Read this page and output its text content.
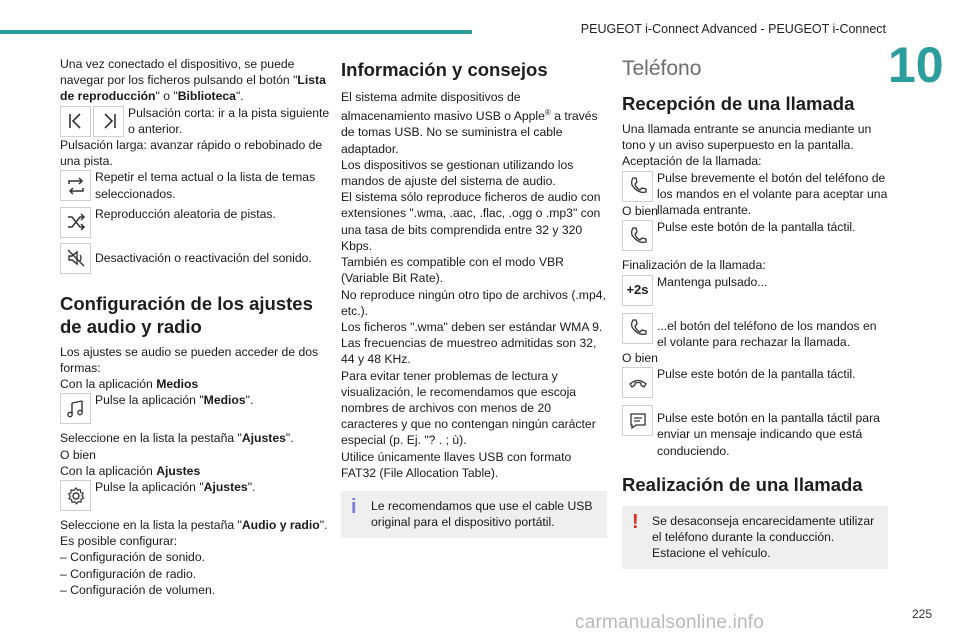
PEUGEOT i-Connect Advanced - PEUGEOT i-Connect
10

Una vez conectado el dispositivo, se puede navegar por los ficheros pulsando el botón "Lista de reproducción" o "Biblioteca".

Pulsación corta: ir a la pista siguiente o anterior.

Pulsación larga: avanzar rápido o rebobinado de una pista.

Repetir el tema actual o la lista de temas seleccionados.
Reproducción aleatoria de pistas.
Desactivación o reactivación del sonido.
Configuración de los ajustes de audio y radio

Los ajustes se audio se pueden acceder de dos formas:

Con la aplicación Medios

Pulse la aplicación "Medios".

Seleccione en la lista la pestaña "Ajustes".

O bien

Con la aplicación Ajustes

Pulse la aplicación "Ajustes".

Seleccione en la lista la pestaña "Audio y radio".

Es posible configurar:

– Configuración de sonido.

– Configuración de radio.

– Configuración de volumen.

Información y consejos

El sistema admite dispositivos de almacenamiento masivo USB o Apple® a través de tomas USB. No se suministra el cable adaptador.

Los dispositivos se gestionan utilizando los

mandos de ajuste del sistema de audio.

El sistema sólo reproduce ficheros de audio con extensiones ".wma, .aac, .flac, .ogg o .mp3" con una tasa de bits comprendida entre 32 y 320 Kbps.

También es compatible con el modo VBR (Variable Bit Rate).

No reproduce ningún otro tipo de archivos (.mp4, etc.).

Los ficheros ".wma" deben ser estándar WMA 9.

Las frecuencias de muestreo admitidas son 32, 44 y 48 KHz.

Para evitar tener problemas de lectura y visualización, le recomendamos que escoja nombres de archivos con menos de 20 caracteres y que no contengan ningún carácter especial (p. Ej. "? . ; ù).

Utilice únicamente llaves USB con formato FAT32 (File Allocation Table).

i	Le recomendamos que use el cable USB original para el dispositivo portátil.
Teléfono
Recepción de una llamada

Una llamada entrante se anuncia mediante un tono y un aviso superpuesto en la pantalla.

Aceptación de la llamada:

Pulse brevemente el botón del teléfono de los mandos en el volante para aceptar una llamada entrante.

O bien

Pulse este botón de la pantalla táctil.

Finalización de la llamada:

+2s
Mantenga pulsado...
...el botón del teléfono de los mandos en el volante para rechazar la llamada.

O bien

Pulse este botón de la pantalla táctil.
Pulse este botón en la pantalla táctil para enviar un mensaje indicando que está conduciendo.
Realización de una llamada
!	Se desaconseja encarecidamente utilizar el teléfono durante la conducción.
Estacione el vehículo.
225
carmanualsonline.info
